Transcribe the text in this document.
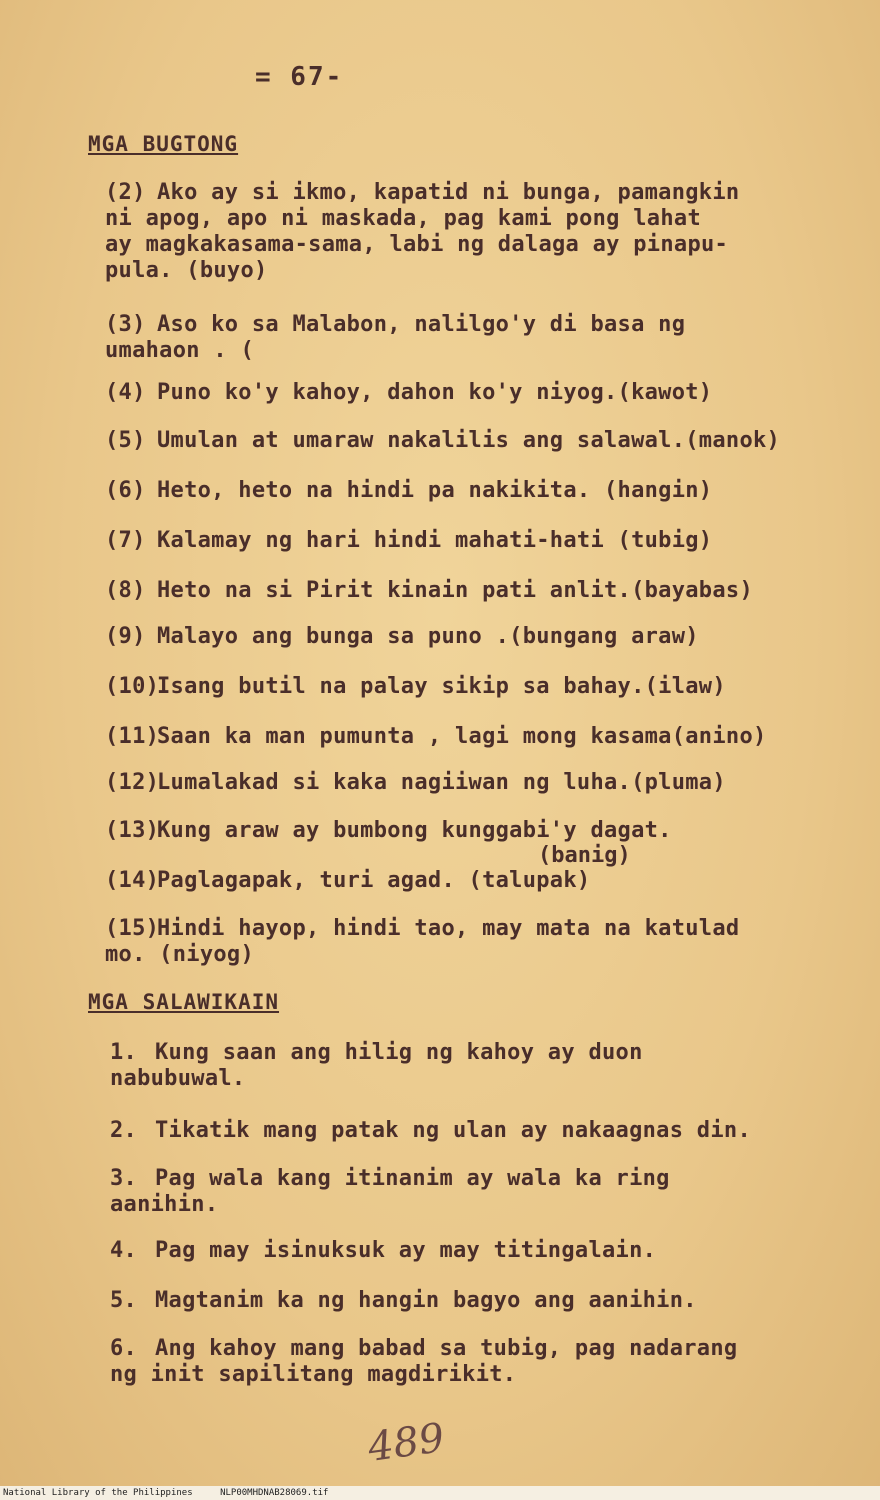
= 67-
MGA BUGTONG
(2) Ako ay si ikmo, kapatid ni bunga, pamangkin
ni apog, apo ni maskada, pag kami pong lahat
ay magkakasama-sama, labi ng dalaga ay pinapu-
pula. (buyo)
(3) Aso ko sa Malabon, nalilgo'y di basa ng
umahaon . (
(4) Puno ko'y kahoy, dahon ko'y niyog.(kawot)
(5) Umulan at umaraw nakalilis ang salawal.(manok)
(6) Heto, heto na hindi pa nakikita. (hangin)
(7) Kalamay ng hari hindi mahati-hati (tubig)
(8) Heto na si Pirit kinain pati anlit.(bayabas)
(9) Malayo ang bunga sa puno .(bungang araw)
(10)Isang butil na palay sikip sa bahay.(ilaw)
(11)Saan ka man pumunta , lagi mong kasama(anino)
(12)Lumalakad si kaka nagiiwan ng luha.(pluma)
(13)Kung araw ay bumbong kunggabi'y dagat.
(banig)
(14)Paglagapak, turi agad. (talupak)
(15)Hindi hayop, hindi tao, may mata na katulad
mo. (niyog)
MGA SALAWIKAIN
1. Kung saan ang hilig ng kahoy ay duon
nabubuwal.
2. Tikatik mang patak ng ulan ay nakaagnas din.
3. Pag wala kang itinanim ay wala ka ring
aanihin.
4. Pag may isinuksuk ay may titingalain.
5. Magtanim ka ng hangin bagyo ang aanihin.
6. Ang kahoy mang babad sa tubig, pag nadarang
ng init sapilitang magdirikit.
489
National Library of the Philippines	NLP00MHDNAB28069.tif
